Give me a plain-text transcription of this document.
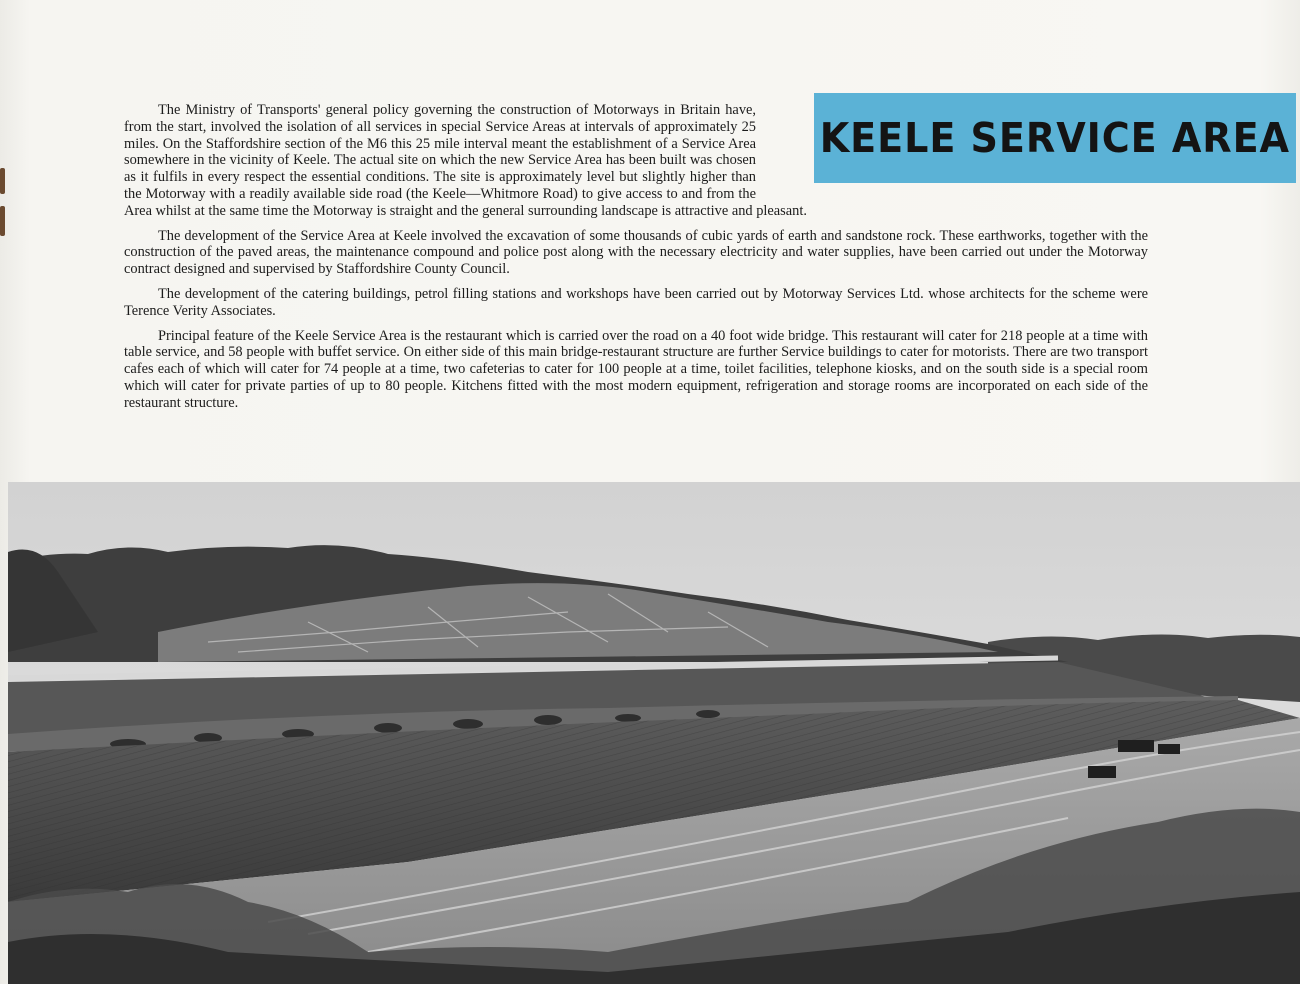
KEELE SERVICE AREA

The Ministry of Transports' general policy governing the construction of Motorways in Britain have, from the start, involved the isolation of all services in special Service Areas at intervals of approximately 25 miles. On the Staffordshire section of the M6 this 25 mile interval meant the establishment of a Service Area somewhere in the vicinity of Keele. The actual site on which the new Service Area has been built was chosen as it fulfils in every respect the essential conditions. The site is approximately level but slightly higher than the Motorway with a readily available side road (the Keele—Whitmore Road) to give access to and from the Area whilst at the same time the Motorway is straight and the general surrounding landscape is attractive and pleasant.

The development of the Service Area at Keele involved the excavation of some thousands of cubic yards of earth and sandstone rock. These earthworks, together with the construction of the paved areas, the maintenance compound and police post along with the necessary electricity and water supplies, have been carried out under the Motorway contract designed and supervised by Staffordshire County Council.

The development of the catering buildings, petrol filling stations and workshops have been carried out by Motorway Services Ltd. whose architects for the scheme were Terence Verity Associates.

Principal feature of the Keele Service Area is the restaurant which is carried over the road on a 40 foot wide bridge. This restaurant will cater for 218 people at a time with table service, and 58 people with buffet service. On either side of this main bridge-restaurant structure are further Service buildings to cater for motorists. There are two transport cafes each of which will cater for 74 people at a time, two cafeterias to cater for 100 people at a time, toilet facilities, telephone kiosks, and on the south side is a special room which will cater for private parties of up to 80 people. Kitchens fitted with the most modern equipment, refrigeration and storage rooms are incorporated on each side of the restaurant structure.
